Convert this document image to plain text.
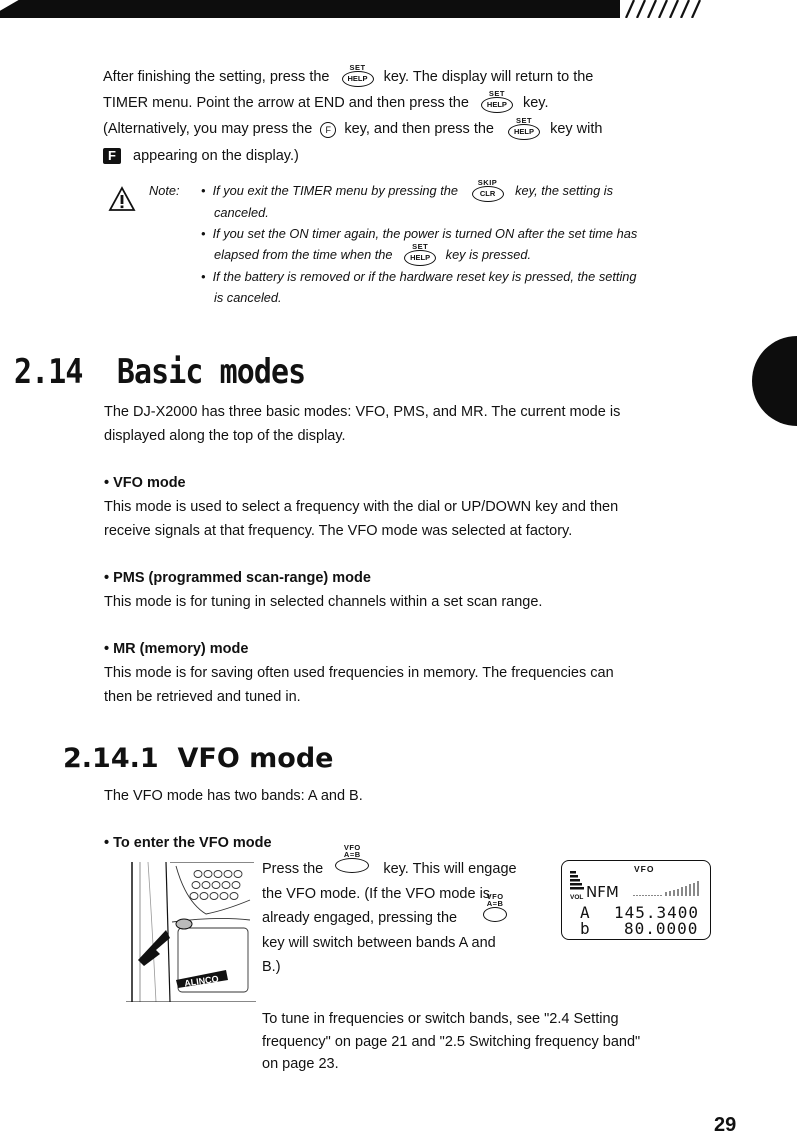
After finishing the setting, press the
SET
HELP key. The display will return to the
TIMER menu. Point the arrow at END and then press the
SET
HELP key.
(Alternatively, you may press the F key, and then press the
SET
HELP key with
F appearing on the display.)
Note: • If you exit the TIMER menu by pressing the
SKIP
CLR key, the setting is
canceled.
• If you set the ON timer again, the power is turned ON after the set time has
elapsed from the time when the
SET
HELP key is pressed.
• If the battery is removed or if the hardware reset key is pressed, the setting
is canceled.
2.14 Basic modes
The DJ-X2000 has three basic modes: VFO, PMS, and MR. The current mode is
displayed along the top of the display.
• VFO mode
This mode is used to select a frequency with the dial or UP/DOWN key and then
receive signals at that frequency. The VFO mode was selected at factory.
• PMS (programmed scan-range) mode
This mode is for tuning in selected channels within a set scan range.
• MR (memory) mode
This mode is for saving often used frequencies in memory. The frequencies can
then be retrieved and tuned in.
2.14.1 VFO mode
The VFO mode has two bands: A and B.
• To enter the VFO mode
Press the
VFO
A=B
key. This will engage
the VFO mode. (If the VFO mode is
already engaged, pressing the
VFO
A=B
key will switch between bands A and
B.)
To tune in frequencies or switch bands, see "2.4 Setting
frequency" on page 21 and "2.5 Switching frequency band"
on page 23.
ALINCO
VFO
VOL NFM
A 145.3400
b 80.0000
29
